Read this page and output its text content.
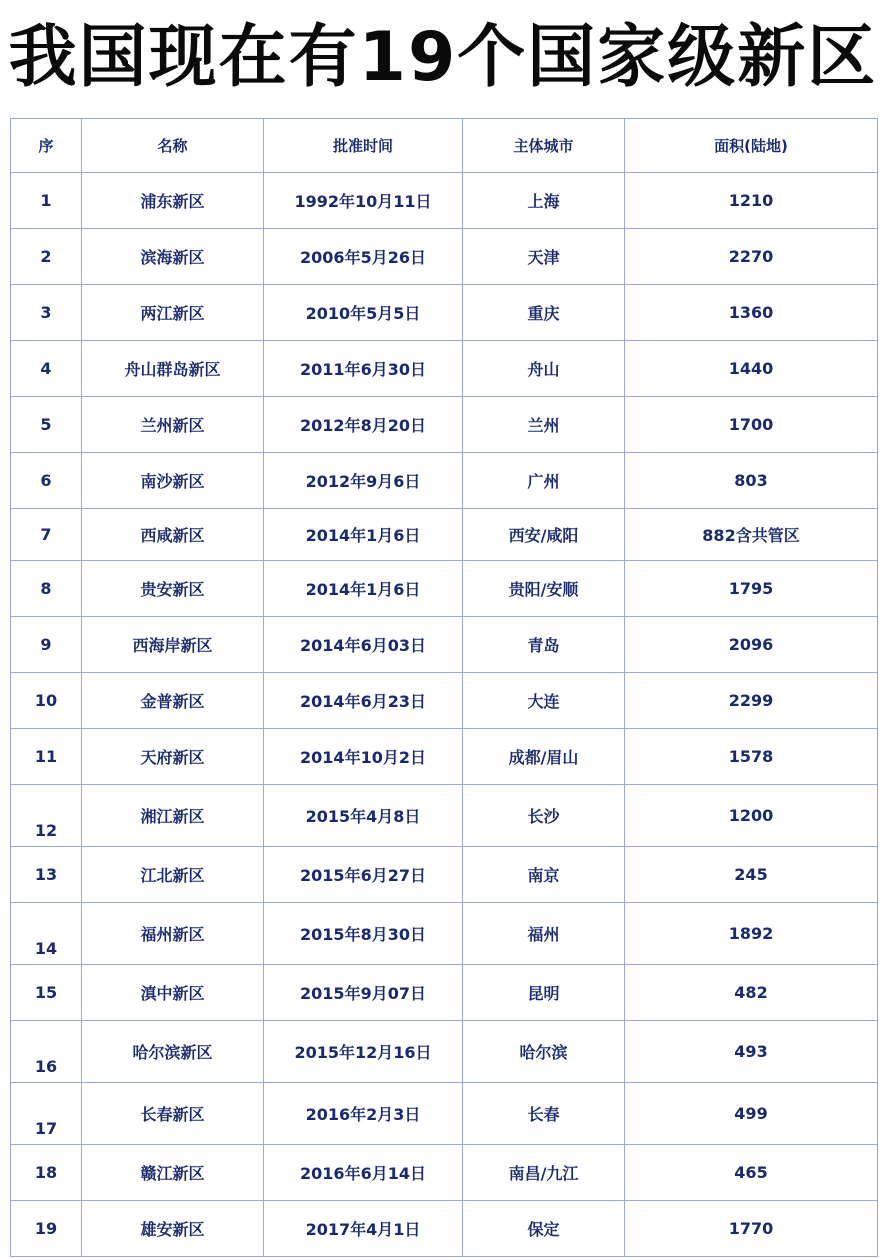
我国现在有19个国家级新区
序	名称	批准时间	主体城市	面积(陆地)
1	浦东新区	1992年10月11日	上海	1210
2	滨海新区	2006年5月26日	天津	2270
3	两江新区	2010年5月5日	重庆	1360
4	舟山群岛新区	2011年6月30日	舟山	1440
5	兰州新区	2012年8月20日	兰州	1700
6	南沙新区	2012年9月6日	广州	803
7	西咸新区	2014年1月6日	西安/咸阳	882含共管区
8	贵安新区	2014年1月6日	贵阳/安顺	1795
9	西海岸新区	2014年6月03日	青岛	2096
10	金普新区	2014年6月23日	大连	2299
11	天府新区	2014年10月2日	成都/眉山	1578
12	湘江新区	2015年4月8日	长沙	1200
13	江北新区	2015年6月27日	南京	245
14	福州新区	2015年8月30日	福州	1892
15	滇中新区	2015年9月07日	昆明	482
16	哈尔滨新区	2015年12月16日	哈尔滨	493
17	长春新区	2016年2月3日	长春	499
18	赣江新区	2016年6月14日	南昌/九江	465
19	雄安新区	2017年4月1日	保定	1770
